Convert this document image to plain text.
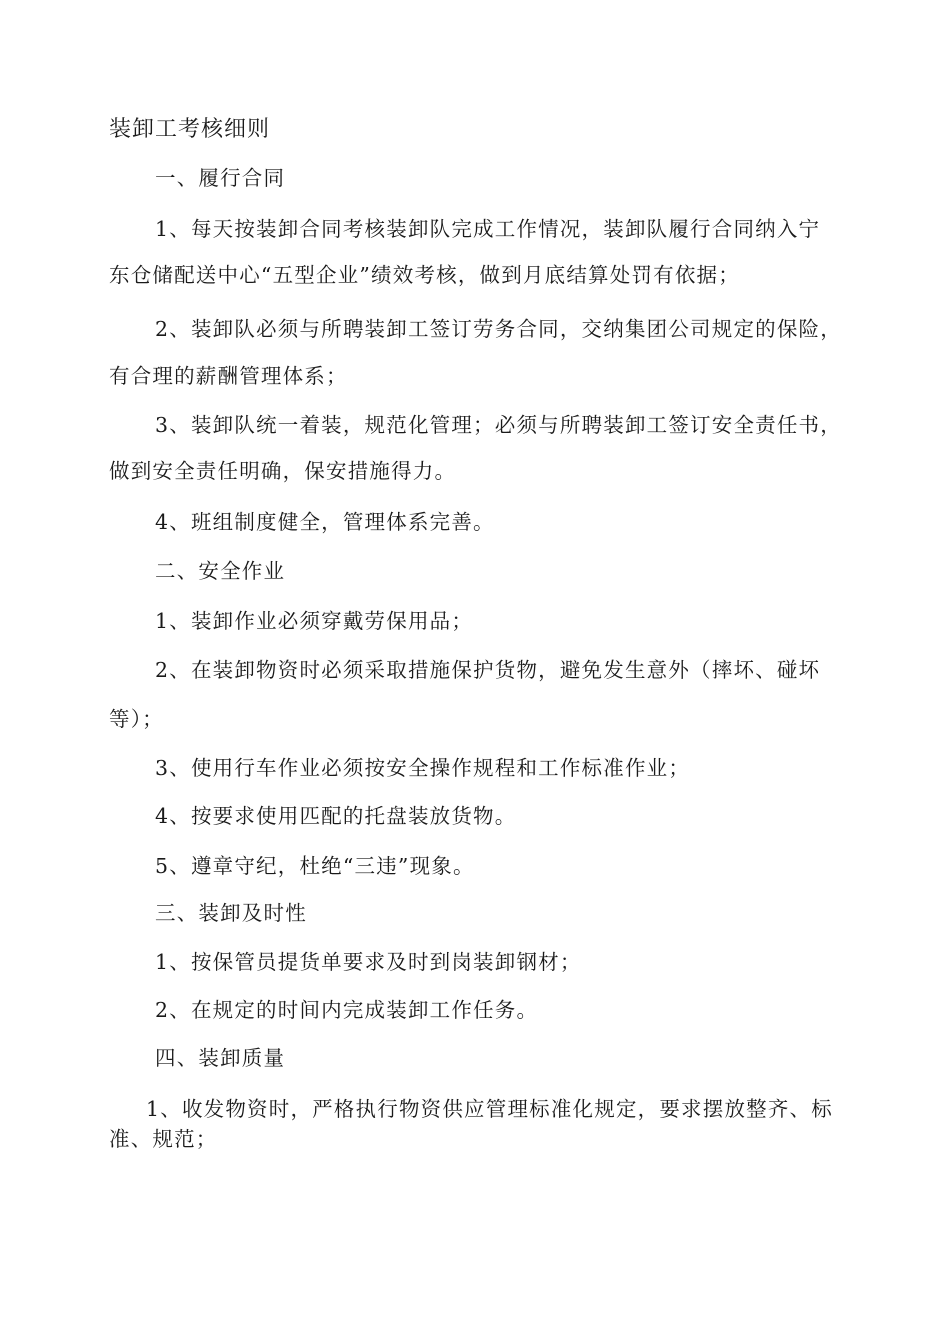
装卸工考核细则
一、履行合同
1、每天按装卸合同考核装卸队完成工作情况，装卸队履行合同纳入宁
东仓储配送中心“五型企业”绩效考核，做到月底结算处罚有依据；
2、装卸队必须与所聘装卸工签订劳务合同，交纳集团公司规定的保险，
有合理的薪酬管理体系；
3、装卸队统一着装，规范化管理；必须与所聘装卸工签订安全责任书，
做到安全责任明确，保安措施得力。
4、班组制度健全，管理体系完善。
二、安全作业
1、装卸作业必须穿戴劳保用品；
2、在装卸物资时必须采取措施保护货物，避免发生意外（摔坏、碰坏
等）；
3、使用行车作业必须按安全操作规程和工作标准作业；
4、按要求使用匹配的托盘装放货物。
5、遵章守纪，杜绝“三违”现象。
三、装卸及时性
1、按保管员提货单要求及时到岗装卸钢材；
2、在规定的时间内完成装卸工作任务。
四、装卸质量
1、收发物资时，严格执行物资供应管理标准化规定，要求摆放整齐、标
准、规范；
